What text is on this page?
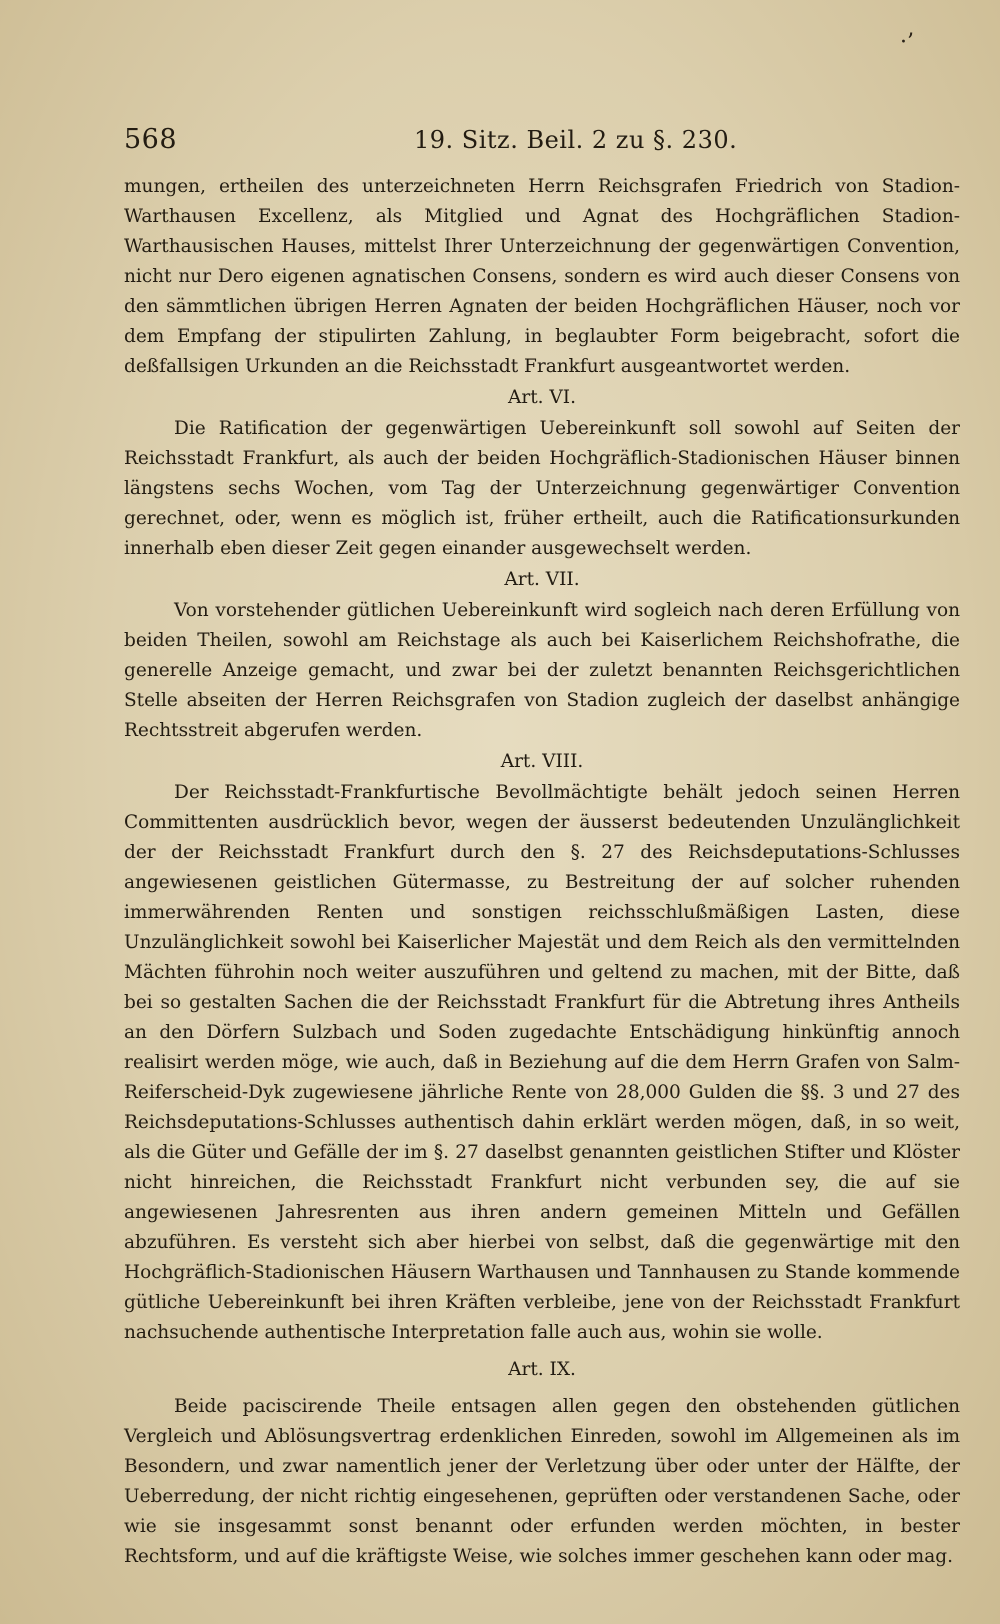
·’
568	19. Sitz. Beil. 2 zu §. 230.

mungen, ertheilen des unterzeichneten Herrn Reichsgrafen Friedrich von Stadion-Warthausen Excellenz, als Mitglied und Agnat des Hochgräflichen Stadion-Warthausischen Hauses, mittelst Ihrer Unterzeichnung der gegenwärtigen Convention, nicht nur Dero eigenen agnatischen Consens, sondern es wird auch dieser Consens von den sämmtlichen übrigen Herren Agnaten der beiden Hochgräflichen Häuser, noch vor dem Empfang der stipulirten Zahlung, in beglaubter Form beigebracht, sofort die deßfallsigen Urkunden an die Reichsstadt Frankfurt ausgeantwortet werden.

Art. VI.

Die Ratification der gegenwärtigen Uebereinkunft soll sowohl auf Seiten der Reichsstadt Frankfurt, als auch der beiden Hochgräflich-Stadionischen Häuser binnen längstens sechs Wochen, vom Tag der Unterzeichnung gegenwärtiger Convention gerechnet, oder, wenn es möglich ist, früher ertheilt, auch die Ratificationsurkunden innerhalb eben dieser Zeit gegen einander ausgewechselt werden.

Art. VII.

Von vorstehender gütlichen Uebereinkunft wird sogleich nach deren Erfüllung von beiden Theilen, sowohl am Reichstage als auch bei Kaiserlichem Reichshofrathe, die generelle Anzeige gemacht, und zwar bei der zuletzt benannten Reichsgerichtlichen Stelle abseiten der Herren Reichsgrafen von Stadion zugleich der daselbst anhängige Rechtsstreit abgerufen werden.

Art. VIII.

Der Reichsstadt-Frankfurtische Bevollmächtigte behält jedoch seinen Herren Committenten ausdrücklich bevor, wegen der äusserst bedeutenden Unzulänglichkeit der der Reichsstadt Frankfurt durch den §. 27 des Reichsdeputations-Schlusses angewiesenen geistlichen Gütermasse, zu Bestreitung der auf solcher ruhenden immerwährenden Renten und sonstigen reichsschlußmäßigen Lasten, diese Unzulänglichkeit sowohl bei Kaiserlicher Majestät und dem Reich als den vermittelnden Mächten führohin noch weiter auszuführen und geltend zu machen, mit der Bitte, daß bei so gestalten Sachen die der Reichsstadt Frankfurt für die Abtretung ihres Antheils an den Dörfern Sulzbach und Soden zugedachte Entschädigung hinkünftig annoch realisirt werden möge, wie auch, daß in Beziehung auf die dem Herrn Grafen von Salm-Reiferscheid-Dyk zugewiesene jährliche Rente von 28,000 Gulden die §§. 3 und 27 des Reichsdeputations-Schlusses authentisch dahin erklärt werden mögen, daß, in so weit, als die Güter und Gefälle der im §. 27 daselbst genannten geistlichen Stifter und Klöster nicht hinreichen, die Reichsstadt Frankfurt nicht verbunden sey, die auf sie angewiesenen Jahresrenten aus ihren andern gemeinen Mitteln und Gefällen abzuführen. Es versteht sich aber hierbei von selbst, daß die gegenwärtige mit den Hochgräflich-Stadionischen Häusern Warthausen und Tannhausen zu Stande kommende gütliche Uebereinkunft bei ihren Kräften verbleibe, jene von der Reichsstadt Frankfurt nachsuchende authentische Interpretation falle auch aus, wohin sie wolle.

Art. IX.

Beide paciscirende Theile entsagen allen gegen den obstehenden gütlichen Vergleich und Ablösungsvertrag erdenklichen Einreden, sowohl im Allgemeinen als im Besondern, und zwar namentlich jener der Verletzung über oder unter der Hälfte, der Ueberredung, der nicht richtig eingesehenen, geprüften oder verstandenen Sache, oder wie sie insgesammt sonst benannt oder erfunden werden möchten, in bester Rechtsform, und auf die kräftigste Weise, wie solches immer geschehen kann oder mag.
